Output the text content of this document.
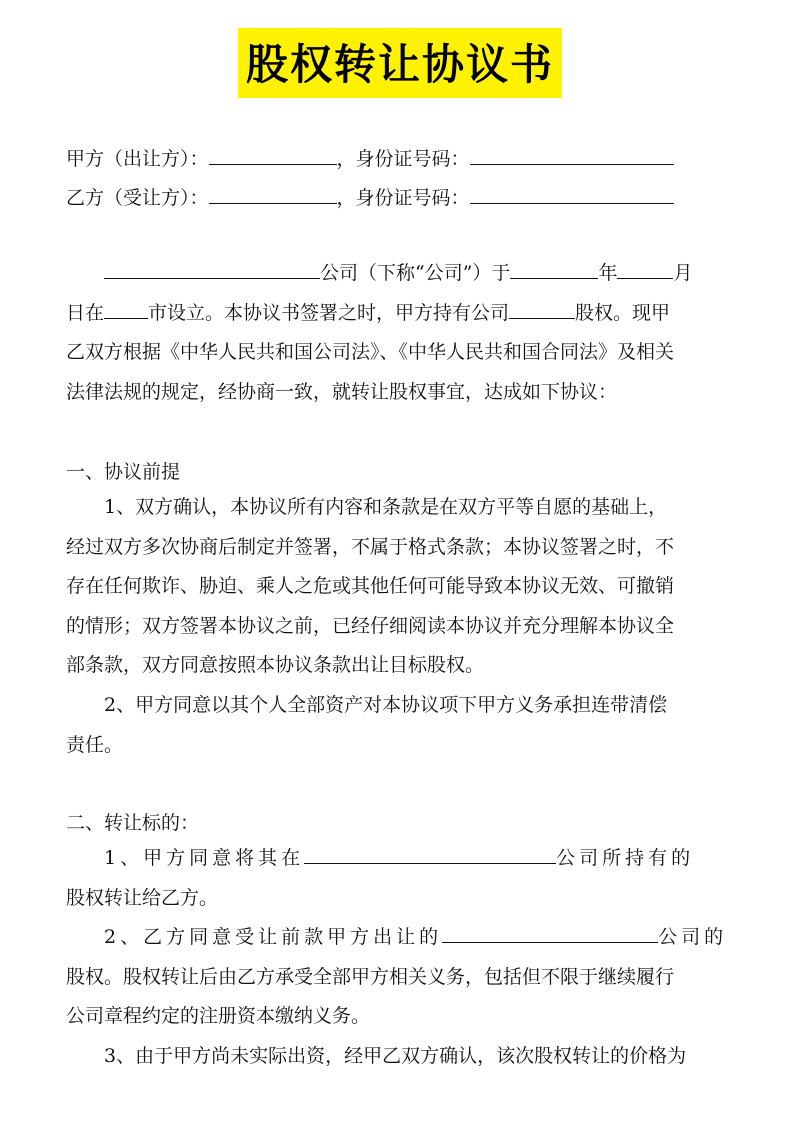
股权转让协议书
甲方（出让方）：	，身份证号码：
乙方（受让方）：	，身份证号码：
公司（下称“公司”）于	年	月
日在 市设立。本协议书签署之时，甲方持有公司	股权。现甲
乙双方根据《中华人民共和国公司法》、《中华人民共和国合同法》及相关
法律法规的规定，经协商一致，就转让股权事宜，达成如下协议：
一、协议前提
1、双方确认，本协议所有内容和条款是在双方平等自愿的基础上，
经过双方多次协商后制定并签署，不属于格式条款；本协议签署之时，不
存在任何欺诈、胁迫、乘人之危或其他任何可能导致本协议无效、可撤销
的情形；双方签署本协议之前，已经仔细阅读本协议并充分理解本协议全
部条款，双方同意按照本协议条款出让目标股权。
2、甲方同意以其个人全部资产对本协议项下甲方义务承担连带清偿
责任。
二、转让标的：
1、甲方同意将其在	公司所持有的
股权转让给乙方。
2、乙方同意受让前款甲方出让的	公司的
股权。股权转让后由乙方承受全部甲方相关义务，包括但不限于继续履行
公司章程约定的注册资本缴纳义务。
3、由于甲方尚未实际出资，经甲乙双方确认，该次股权转让的价格为
